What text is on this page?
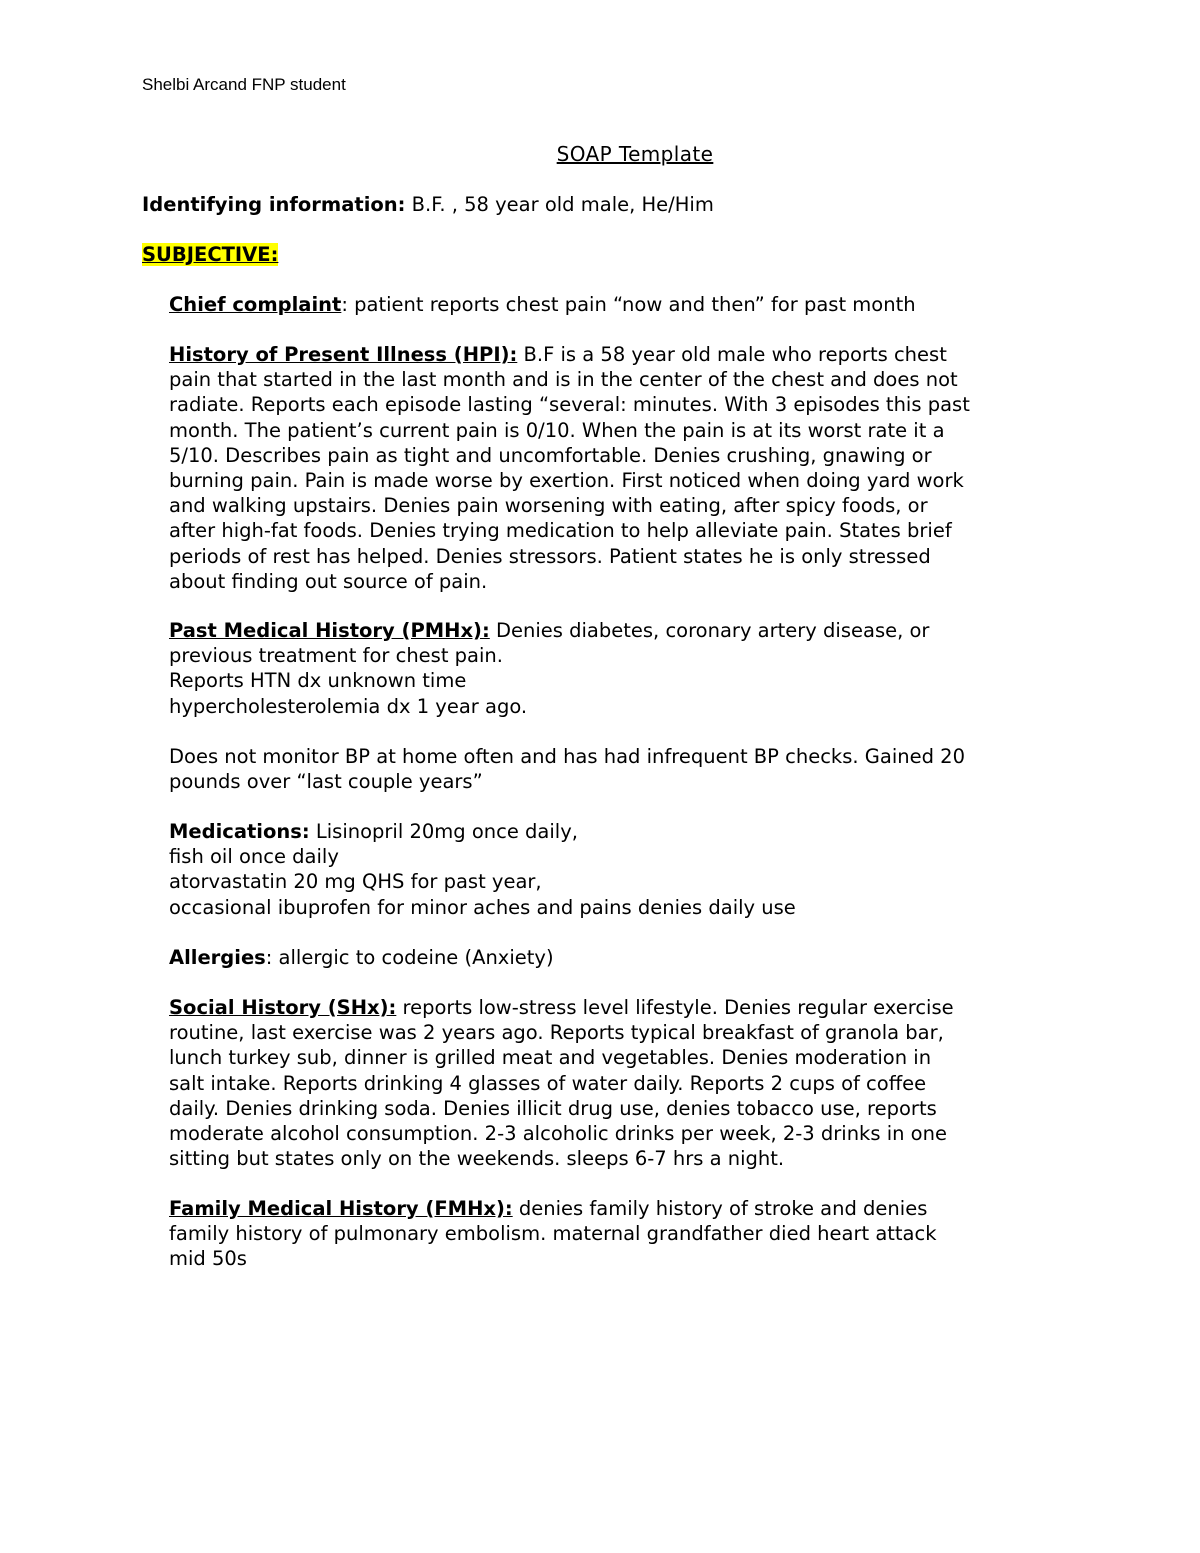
Shelbi Arcand FNP student
SOAP Template
Identifying information: B.F. , 58 year old male, He/Him
SUBJECTIVE:
Chief complaint: patient reports chest pain “now and then” for past month
History of Present Illness (HPI): B.F is a 58 year old male who reports chest
pain that started in the last month and is in the center of the chest and does not
radiate. Reports each episode lasting “several: minutes. With 3 episodes this past
month. The patient’s current pain is 0/10. When the pain is at its worst rate it a
5/10. Describes pain as tight and uncomfortable. Denies crushing, gnawing or
burning pain. Pain is made worse by exertion. First noticed when doing yard work
and walking upstairs. Denies pain worsening with eating, after spicy foods, or
after high-fat foods. Denies trying medication to help alleviate pain. States brief
periods of rest has helped. Denies stressors. Patient states he is only stressed
about finding out source of pain.
Past Medical History (PMHx): Denies diabetes, coronary artery disease, or
previous treatment for chest pain.
Reports HTN dx unknown time
hypercholesterolemia dx 1 year ago.
Does not monitor BP at home often and has had infrequent BP checks. Gained 20
pounds over “last couple years”
Medications: Lisinopril 20mg once daily,
fish oil once daily
atorvastatin 20 mg QHS for past year,
occasional ibuprofen for minor aches and pains denies daily use
Allergies: allergic to codeine (Anxiety)
Social History (SHx): reports low-stress level lifestyle. Denies regular exercise
routine, last exercise was 2 years ago. Reports typical breakfast of granola bar,
lunch turkey sub, dinner is grilled meat and vegetables. Denies moderation in
salt intake. Reports drinking 4 glasses of water daily. Reports 2 cups of coffee
daily. Denies drinking soda. Denies illicit drug use, denies tobacco use, reports
moderate alcohol consumption. 2-3 alcoholic drinks per week, 2-3 drinks in one
sitting but states only on the weekends. sleeps 6-7 hrs a night.
Family Medical History (FMHx): denies family history of stroke and denies
family history of pulmonary embolism. maternal grandfather died heart attack
mid 50s
